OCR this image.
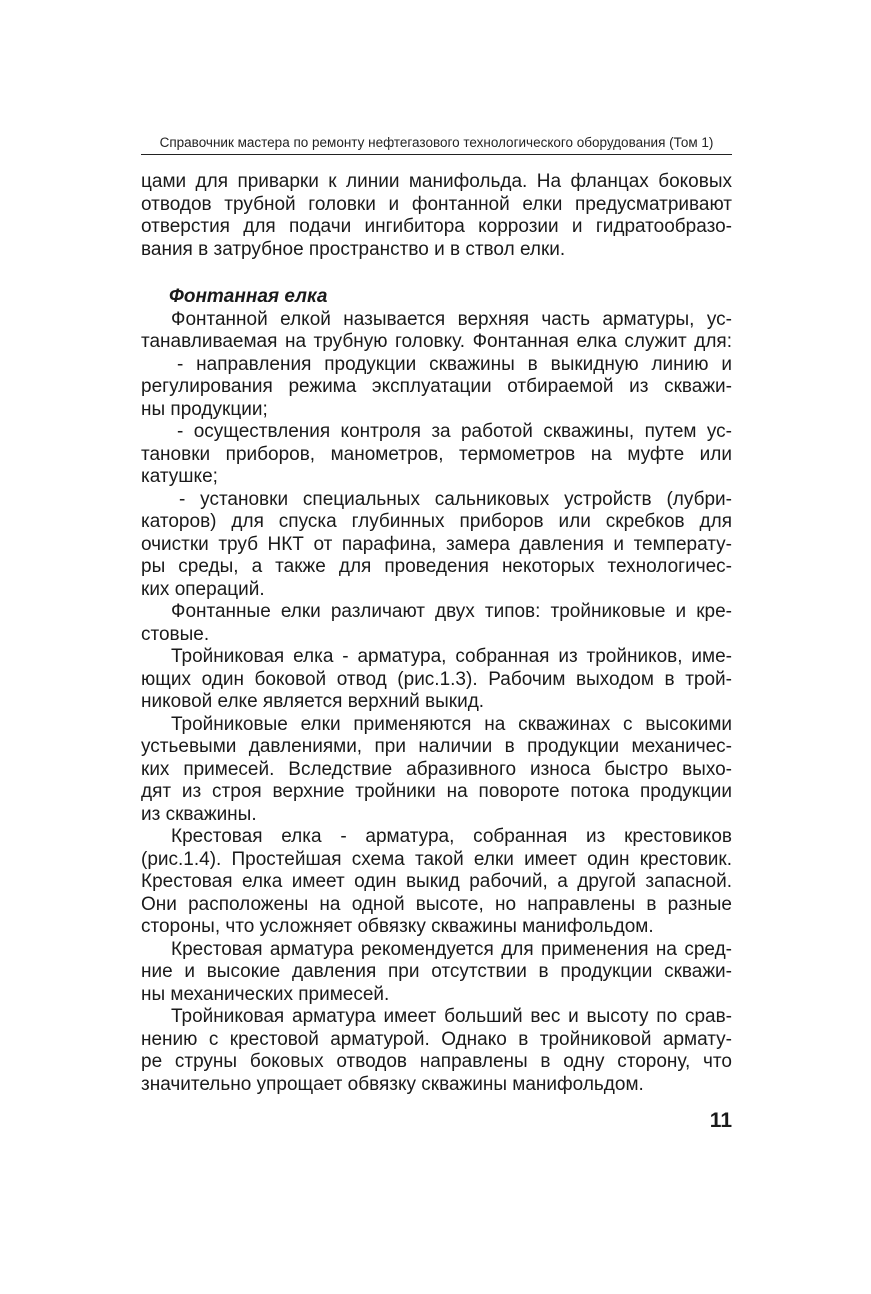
Справочник мастера по ремонту нефтегазового технологического оборудования (Том 1)
цами для приварки к линии манифольда. На фланцах боковых
отводов трубной головки и фонтанной елки предусматривают
отверстия для подачи ингибитора коррозии и гидратообразо-
вания в затрубное пространство и в ствол елки.
Фонтанная елка
Фонтанной елкой называется верхняя часть арматуры, ус-
танавливаемая на трубную головку. Фонтанная елка служит для:
- направления продукции скважины в выкидную линию и
регулирования режима эксплуатации отбираемой из скважи-
ны продукции;
- осуществления контроля за работой скважины, путем ус-
тановки приборов, манометров, термометров на муфте или
катушке;
- установки специальных сальниковых устройств (лубри-
каторов) для спуска глубинных приборов или скребков для
очистки труб НКТ от парафина, замера давления и температу-
ры среды, а также для проведения некоторых технологичес-
ких операций.
Фонтанные елки различают двух типов: тройниковые и кре-
стовые.
Тройниковая елка - арматура, собранная из тройников, име-
ющих один боковой отвод (рис.1.3). Рабочим выходом в трой-
никовой елке является верхний выкид.
Тройниковые елки применяются на скважинах с высокими
устьевыми давлениями, при наличии в продукции механичес-
ких примесей. Вследствие абразивного износа быстро выхо-
дят из строя верхние тройники на повороте потока продукции
из скважины.
Крестовая елка - арматура, собранная из крестовиков
(рис.1.4). Простейшая схема такой елки имеет один крестовик.
Крестовая елка имеет один выкид рабочий, а другой запасной.
Они расположены на одной высоте, но направлены в разные
стороны, что усложняет обвязку скважины манифольдом.
Крестовая арматура рекомендуется для применения на сред-
ние и высокие давления при отсутствии в продукции скважи-
ны механических примесей.
Тройниковая арматура имеет больший вес и высоту по срав-
нению с крестовой арматурой. Однако в тройниковой армату-
ре струны боковых отводов направлены в одну сторону, что
значительно упрощает обвязку скважины манифольдом.
11
